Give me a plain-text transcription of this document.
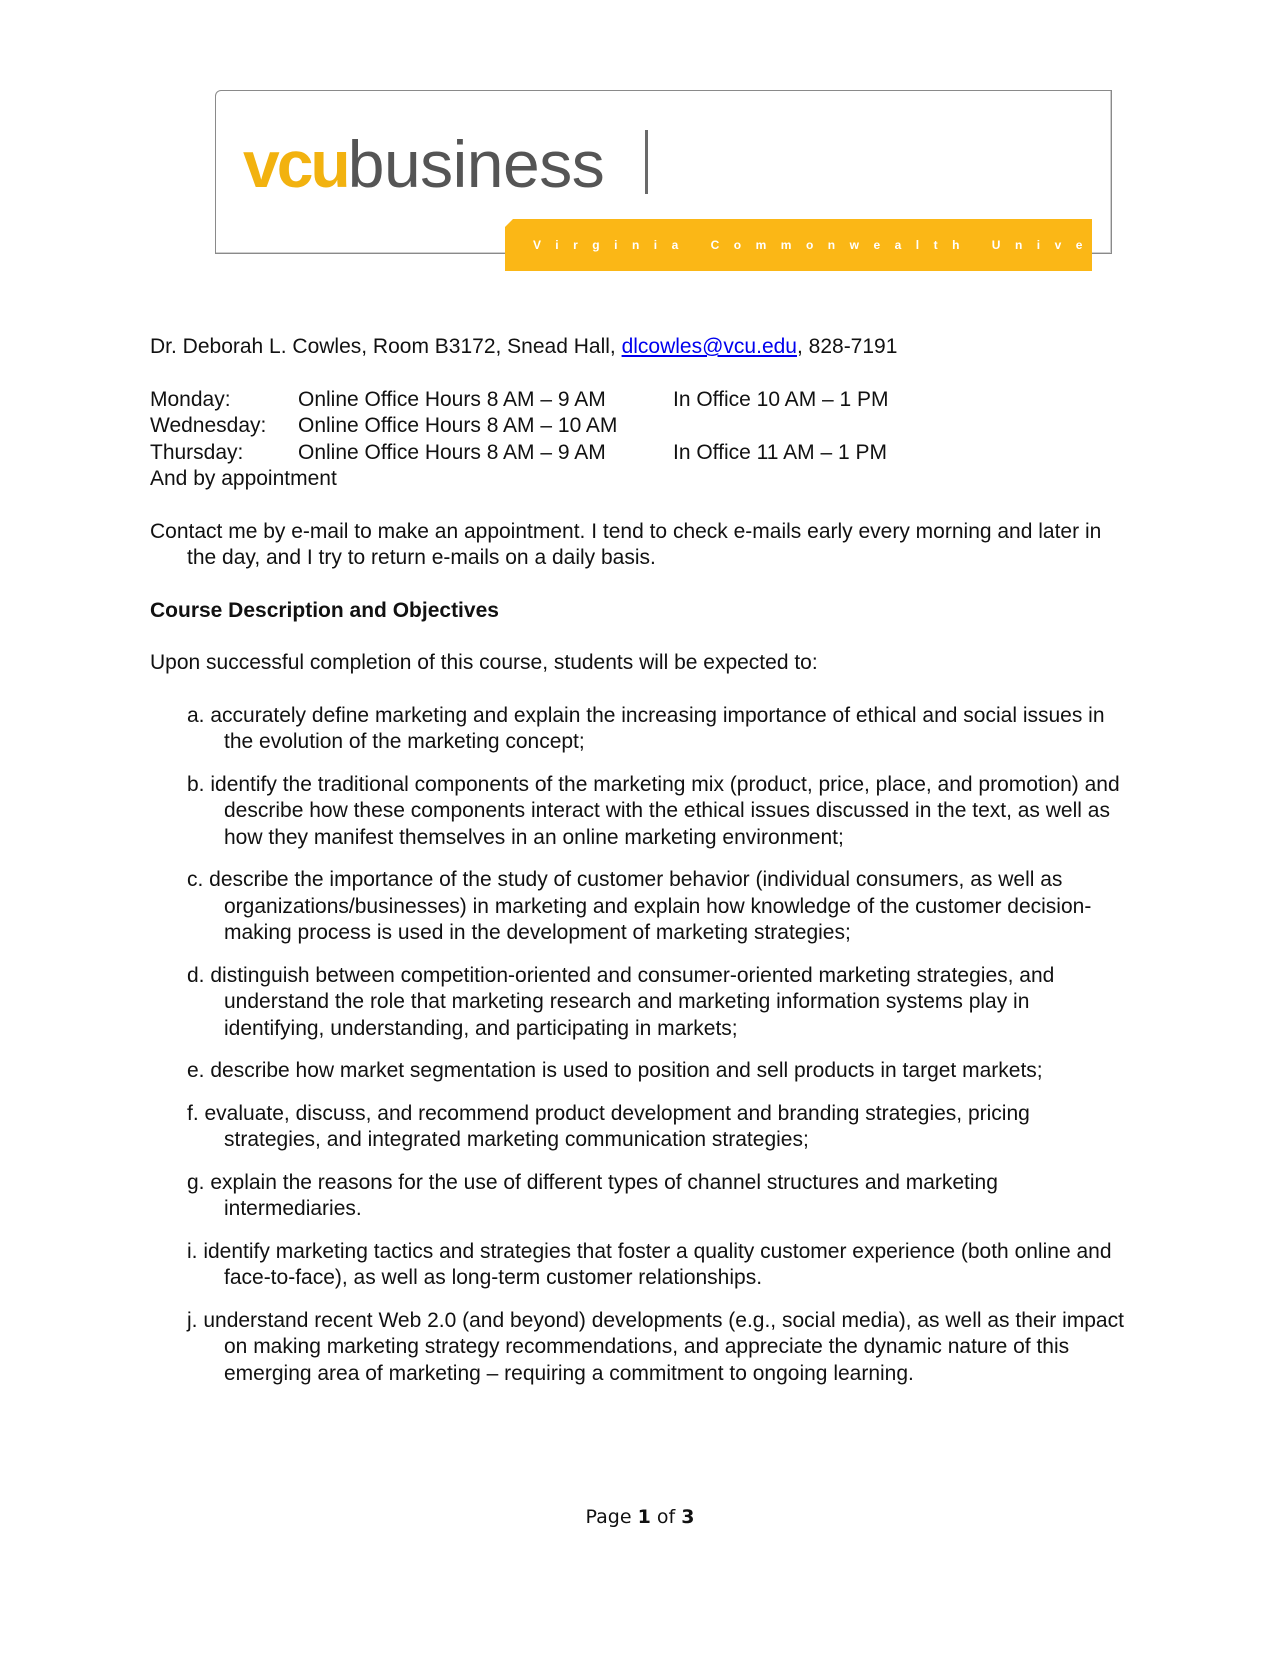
vcubusiness
Virginia Commonwealth University

Dr. Deborah L. Cowles, Room B3172, Snead Hall, dlcowles@vcu.edu, 828-7191

Monday:	Online Office Hours 8 AM – 9 AM	In Office 10 AM – 1 PM
Wednesday:	Online Office Hours 8 AM – 10 AM
Thursday:	Online Office Hours 8 AM – 9 AM	In Office 11 AM – 1 PM
And by appointment

Contact me by e-mail to make an appointment. I tend to check e-mails early every morning and later in the day, and I try to return e-mails on a daily basis.

Course Description and Objectives

Upon successful completion of this course, students will be expected to:

a. accurately define marketing and explain the increasing importance of ethical and social issues in the evolution of the marketing concept;
b. identify the traditional components of the marketing mix (product, price, place, and promotion) and describe how these components interact with the ethical issues discussed in the text, as well as how they manifest themselves in an online marketing environment;
c. describe the importance of the study of customer behavior (individual consumers, as well as organizations/businesses) in marketing and explain how knowledge of the customer decision-making process is used in the development of marketing strategies;
d. distinguish between competition-oriented and consumer-oriented marketing strategies, and understand the role that marketing research and marketing information systems play in identifying, understanding, and participating in markets;
e. describe how market segmentation is used to position and sell products in target markets;
f. evaluate, discuss, and recommend product development and branding strategies, pricing strategies, and integrated marketing communication strategies;
g. explain the reasons for the use of different types of channel structures and marketing intermediaries.
i. identify marketing tactics and strategies that foster a quality customer experience (both online and face-to-face), as well as long-term customer relationships.
j. understand recent Web 2.0 (and beyond) developments (e.g., social media), as well as their impact on making marketing strategy recommendations, and appreciate the dynamic nature of this emerging area of marketing – requiring a commitment to ongoing learning.
Page 1 of 3
